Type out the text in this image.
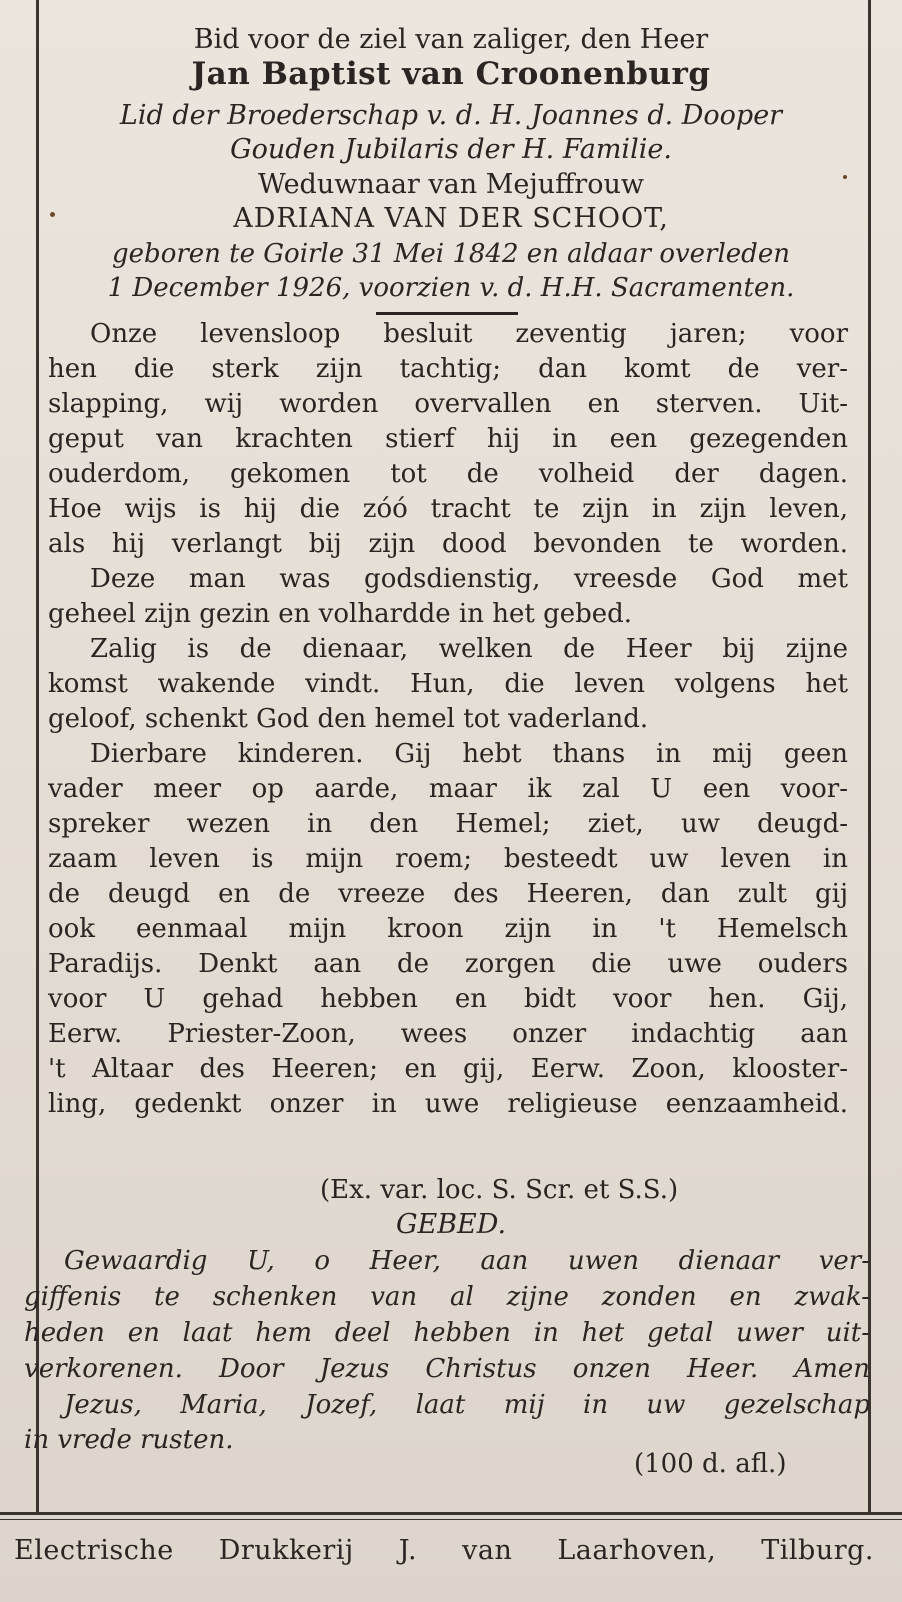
Bid voor de ziel van zaliger, den Heer
Jan Baptist van Croonenburg
Lid der Broederschap v. d. H. Joannes d. Dooper
Gouden Jubilaris der H. Familie.
Weduwnaar van Mejuffrouw
ADRIANA VAN DER SCHOOT,
geboren te Goirle 31 Mei 1842 en aldaar overleden
1 December 1926, voorzien v. d. H.H. Sacramenten.
Onze levensloop besluit zeventig jaren; voor
hen die sterk zijn tachtig; dan komt de ver-
slapping, wij worden overvallen en sterven. Uit-
geput van krachten stierf hij in een gezegenden
ouderdom, gekomen tot de volheid der dagen.
Hoe wijs is hij die zóó tracht te zijn in zijn leven,
als hij verlangt bij zijn dood bevonden te worden.
Deze man was godsdienstig, vreesde God met
geheel zijn gezin en volhardde in het gebed.
Zalig is de dienaar, welken de Heer bij zijne
komst wakende vindt. Hun, die leven volgens het
geloof, schenkt God den hemel tot vaderland.
Dierbare kinderen. Gij hebt thans in mij geen
vader meer op aarde, maar ik zal U een voor-
spreker wezen in den Hemel; ziet, uw deugd-
zaam leven is mijn roem; besteedt uw leven in
de deugd en de vreeze des Heeren, dan zult gij
ook eenmaal mijn kroon zijn in 't Hemelsch
Paradijs. Denkt aan de zorgen die uwe ouders
voor U gehad hebben en bidt voor hen. Gij,
Eerw. Priester-Zoon, wees onzer indachtig aan
't Altaar des Heeren; en gij, Eerw. Zoon, klooster-
ling, gedenkt onzer in uwe religieuse eenzaamheid.
(Ex. var. loc. S. Scr. et S.S.)
GEBED.
Gewaardig U, o Heer, aan uwen dienaar ver-
giffenis te schenken van al zijne zonden en zwak-
heden en laat hem deel hebben in het getal uwer uit-
verkorenen. Door Jezus Christus onzen Heer. Amen
Jezus, Maria, Jozef, laat mij in uw gezelschap
in vrede rusten.
(100 d. afl.)
Electrische Drukkerij J. van Laarhoven, Tilburg.
